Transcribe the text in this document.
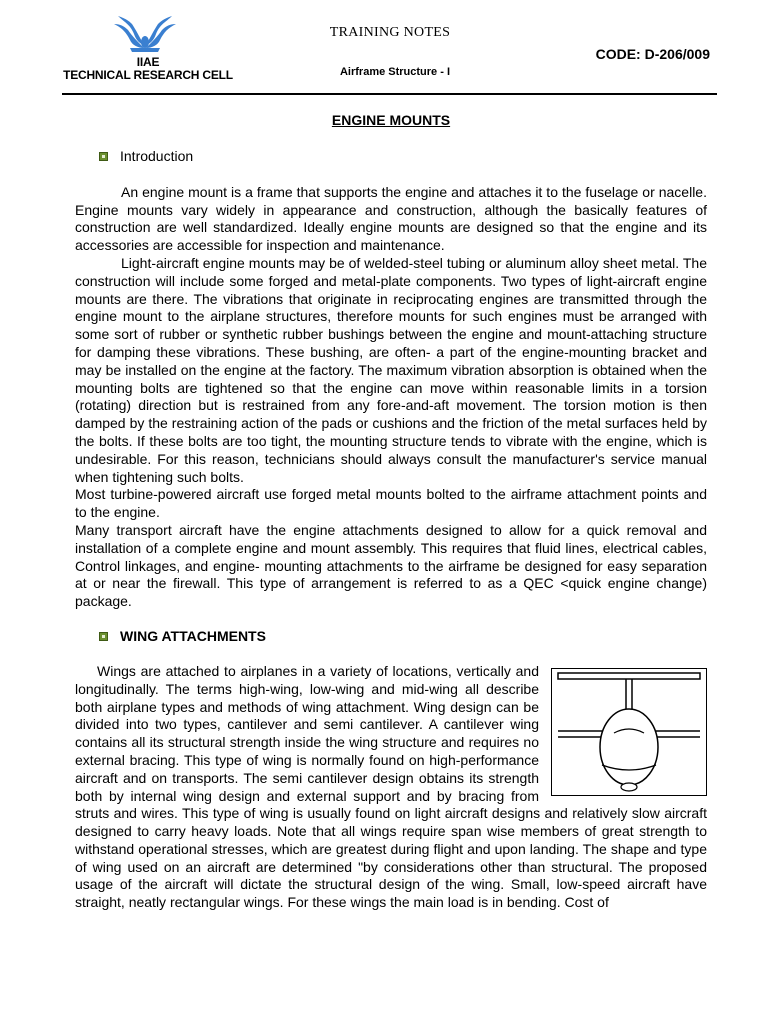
IIAE
TECHNICAL RESEARCH CELL
TRAINING NOTES
Airframe Structure - I
CODE: D-206/009
ENGINE MOUNTS
Introduction

An engine mount is a frame that supports the engine and attaches it to the fuselage or nacelle. Engine mounts vary widely in appearance and construction, although the basically features of construction are well standardized. Ideally engine mounts are designed so that the engine and its accessories are accessible for inspection and maintenance.

Light-aircraft engine mounts may be of welded-steel tubing or aluminum alloy sheet metal. The construction will include some forged and metal-plate components. Two types of light-aircraft engine mounts are there. The vibrations that originate in reciprocating engines are transmitted through the engine mount to the airplane structures, therefore mounts for such engines must be arranged with some sort of rubber or synthetic rubber bushings between the engine and mount-attaching structure for damping these vibrations. These bushing, are often- a part of the engine-mounting bracket and may be installed on the engine at the factory. The maximum vibration absorption is obtained when the mounting bolts are tightened so that the engine can move within reasonable limits in a torsion (rotating) direction but is restrained from any fore-and-aft movement. The torsion motion is then damped by the restraining action of the pads or cushions and the friction of the metal surfaces held by the bolts. If these bolts are too tight, the mounting structure tends to vibrate with the engine, which is undesirable. For this reason, technicians should always consult the manufacturer's service manual when tightening such bolts.

Most turbine-powered aircraft use forged metal mounts bolted to the airframe attachment points and to the engine.

Many transport aircraft have the engine attachments designed to allow for a quick removal and installation of a complete engine and mount assembly. This requires that fluid lines, electrical cables, Control linkages, and engine- mounting attachments to the airframe be designed for easy separation at or near the firewall. This type of arrangement is referred to as a QEC <quick engine change) package.

WING ATTACHMENTS

Wings are attached to airplanes in a variety of locations, vertically and longitudinally. The terms high-wing, low-wing and mid-wing all describe both airplane types and methods of wing attachment. Wing design can be divided into two types, cantilever and semi cantilever. A cantilever wing contains all its structural strength inside the wing structure and requires no external bracing. This type of wing is normally found on high-performance aircraft and on transports. The semi cantilever design obtains its strength both by internal wing design and external support and by bracing from struts and wires. This type of wing is usually found on light aircraft designs and relatively slow aircraft designed to carry heavy loads. Note that all wings require span wise members of great strength to withstand operational stresses, which are greatest during flight and upon landing. The shape and type of wing used on an aircraft are determined "by considerations other than structural. The proposed usage of the aircraft will dictate the structural design of the wing. Small, low-speed aircraft have straight, neatly rectangular wings. For these wings the main load is in bending. Cost of
